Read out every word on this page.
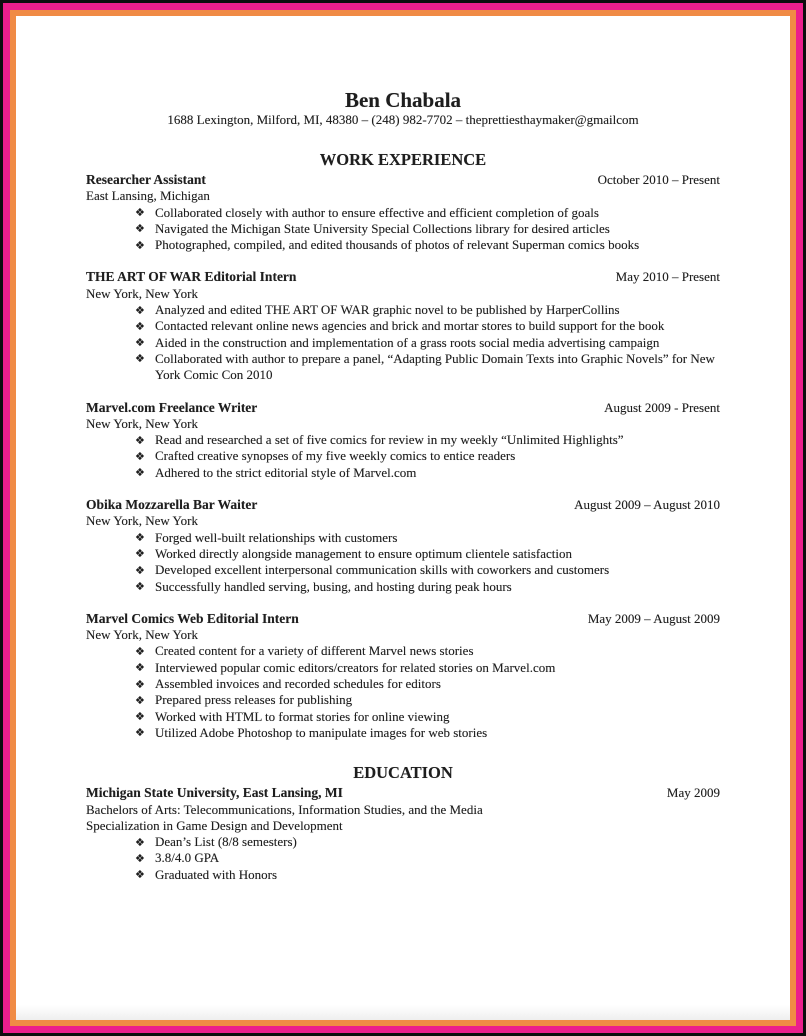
Ben Chabala
1688 Lexington, Milford, MI, 48380 – (248) 982-7702 – theprettiesthaymaker@gmailcom
WORK EXPERIENCE
Researcher Assistant	October 2010 – Present
East Lansing, Michigan
❖ Collaborated closely with author to ensure effective and efficient completion of goals
❖ Navigated the Michigan State University Special Collections library for desired articles
❖ Photographed, compiled, and edited thousands of photos of relevant Superman comics books
THE ART OF WAR Editorial Intern	May 2010 – Present
New York, New York
❖ Analyzed and edited THE ART OF WAR graphic novel to be published by HarperCollins
❖ Contacted relevant online news agencies and brick and mortar stores to build support for the book
❖ Aided in the construction and implementation of a grass roots social media advertising campaign
❖ Collaborated with author to prepare a panel, “Adapting Public Domain Texts into Graphic Novels” for New York Comic Con 2010
Marvel.com Freelance Writer	August 2009 - Present
New York, New York
❖ Read and researched a set of five comics for review in my weekly “Unlimited Highlights”
❖ Crafted creative synopses of my five weekly comics to entice readers
❖ Adhered to the strict editorial style of Marvel.com
Obika Mozzarella Bar Waiter	August 2009 – August 2010
New York, New York
❖ Forged well-built relationships with customers
❖ Worked directly alongside management to ensure optimum clientele satisfaction
❖ Developed excellent interpersonal communication skills with coworkers and customers
❖ Successfully handled serving, busing, and hosting during peak hours
Marvel Comics Web Editorial Intern	May 2009 – August 2009
New York, New York
❖ Created content for a variety of different Marvel news stories
❖ Interviewed popular comic editors/creators for related stories on Marvel.com
❖ Assembled invoices and recorded schedules for editors
❖ Prepared press releases for publishing
❖ Worked with HTML to format stories for online viewing
❖ Utilized Adobe Photoshop to manipulate images for web stories
EDUCATION
Michigan State University, East Lansing, MI	May 2009
Bachelors of Arts: Telecommunications, Information Studies, and the Media
Specialization in Game Design and Development
❖ Dean’s List (8/8 semesters)
❖ 3.8/4.0 GPA
❖ Graduated with Honors
